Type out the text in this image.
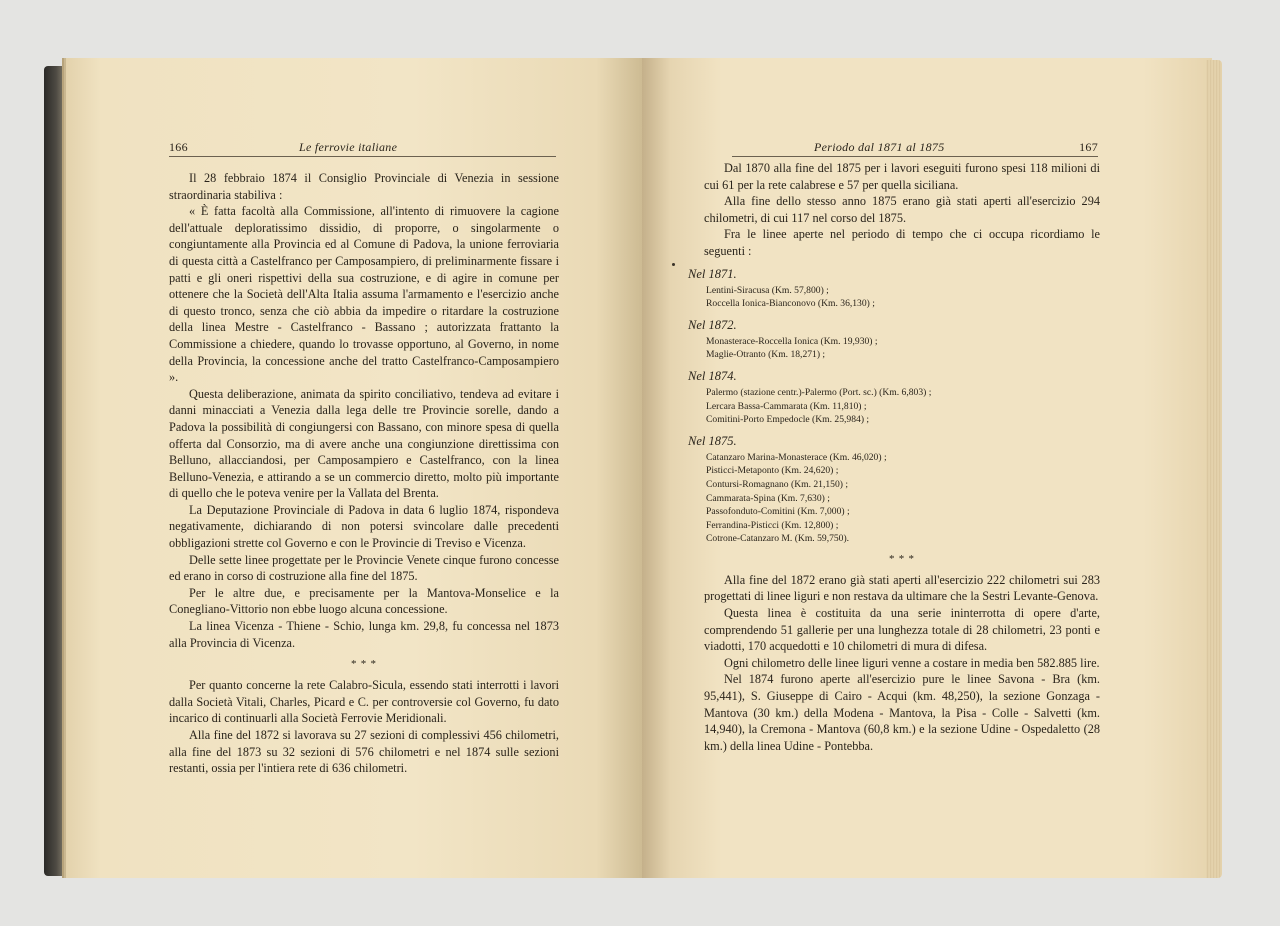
166	Le ferrovie italiane

Il 28 febbraio 1874 il Consiglio Provinciale di Venezia in sessione straordinaria stabiliva :

« È fatta facoltà alla Commissione, all'intento di rimuovere la cagione dell'attuale deploratissimo dissidio, di proporre, o singolarmente o congiuntamente alla Provincia ed al Comune di Padova, la unione ferroviaria di questa città a Castelfranco per Camposampiero, di preliminarmente fissare i patti e gli oneri rispettivi della sua costruzione, e di agire in comune per ottenere che la Società dell'Alta Italia assuma l'armamento e l'esercizio anche di questo tronco, senza che ciò abbia da impedire o ritardare la costruzione della linea Mestre - Castelfranco - Bassano ; autorizzata frattanto la Commissione a chiedere, quando lo trovasse opportuno, al Governo, in nome della Provincia, la concessione anche del tratto Castelfranco-Camposampiero ».

Questa deliberazione, animata da spirito conciliativo, tendeva ad evitare i danni minacciati a Venezia dalla lega delle tre Provincie sorelle, dando a Padova la possibilità di congiungersi con Bassano, con minore spesa di quella offerta dal Consorzio, ma di avere anche una congiunzione direttissima con Belluno, allacciandosi, per Camposampiero e Castelfranco, con la linea Belluno-Venezia, e attirando a se un commercio diretto, molto più importante di quello che le poteva venire per la Vallata del Brenta.

La Deputazione Provinciale di Padova in data 6 luglio 1874, rispondeva negativamente, dichiarando di non potersi svincolare dalle precedenti obbligazioni strette col Governo e con le Provincie di Treviso e Vicenza.

Delle sette linee progettate per le Provincie Venete cinque furono concesse ed erano in corso di costruzione alla fine del 1875.

Per le altre due, e precisamente per la Mantova-Monselice e la Conegliano-Vittorio non ebbe luogo alcuna concessione.

La linea Vicenza - Thiene - Schio, lunga km. 29,8, fu concessa nel 1873 alla Provincia di Vicenza.

* * *

Per quanto concerne la rete Calabro-Sicula, essendo stati interrotti i lavori dalla Società Vitali, Charles, Picard e C. per controversie col Governo, fu dato incarico di continuarli alla Società Ferrovie Meridionali.

Alla fine del 1872 si lavorava su 27 sezioni di complessivi 456 chilometri, alla fine del 1873 su 32 sezioni di 576 chilometri e nel 1874 sulle sezioni restanti, ossia per l'intiera rete di 636 chilometri.

Periodo dal 1871 al 1875	167

Dal 1870 alla fine del 1875 per i lavori eseguiti furono spesi 118 milioni di cui 61 per la rete calabrese e 57 per quella siciliana.

Alla fine dello stesso anno 1875 erano già stati aperti all'esercizio 294 chilometri, di cui 117 nel corso del 1875.

Fra le linee aperte nel periodo di tempo che ci occupa ricordiamo le seguenti :

Nel 1871.
Lentini-Siracusa (Km. 57,800) ;
Roccella Ionica-Bianconovo (Km. 36,130) ;
Nel 1872.
Monasterace-Roccella Ionica (Km. 19,930) ;
Maglie-Otranto (Km. 18,271) ;
Nel 1874.
Palermo (stazione centr.)-Palermo (Port. sc.) (Km. 6,803) ;
Lercara Bassa-Cammarata (Km. 11,810) ;
Comitini-Porto Empedocle (Km. 25,984) ;
Nel 1875.
Catanzaro Marina-Monasterace (Km. 46,020) ;
Pisticci-Metaponto (Km. 24,620) ;
Contursi-Romagnano (Km. 21,150) ;
Cammarata-Spina (Km. 7,630) ;
Passofonduto-Comitini (Km. 7,000) ;
Ferrandina-Pisticci (Km. 12,800) ;
Cotrone-Catanzaro M. (Km. 59,750).
* * *

Alla fine del 1872 erano già stati aperti all'esercizio 222 chilometri sui 283 progettati di linee liguri e non restava da ultimare che la Sestri Levante-Genova.

Questa linea è costituita da una serie ininterrotta di opere d'arte, comprendendo 51 gallerie per una lunghezza totale di 28 chilometri, 23 ponti e viadotti, 170 acquedotti e 10 chilometri di mura di difesa.

Ogni chilometro delle linee liguri venne a costare in media ben 582.885 lire.

Nel 1874 furono aperte all'esercizio pure le linee Savona - Bra (km. 95,441), S. Giuseppe di Cairo - Acqui (km. 48,250), la sezione Gonzaga - Mantova (30 km.) della Modena - Mantova, la Pisa - Colle - Salvetti (km. 14,940), la Cremona - Mantova (60,8 km.) e la sezione Udine - Ospedaletto (28 km.) della linea Udine - Pontebba.
